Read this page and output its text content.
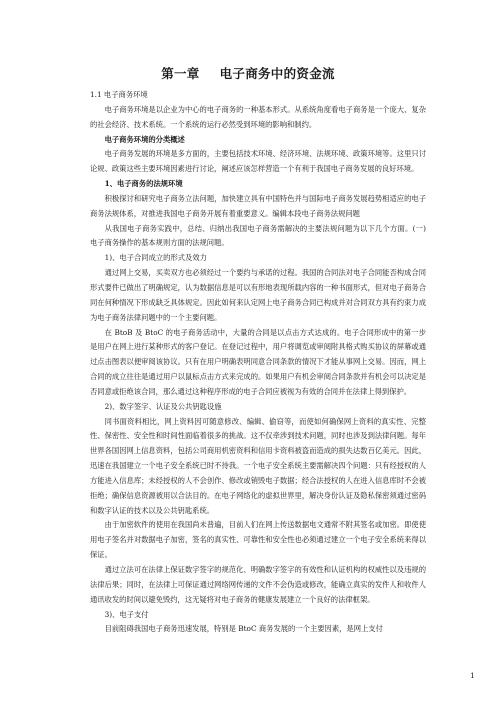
第一章 电子商务中的资金流

1.1 电子商务环境

电子商务环境是以企业为中心的电子商务的一种基本形式。从系统角度看电子商务是一个庞大、复杂的社会经济、技术系统。一个系统的运行必然受到环境的影响和制约。

电子商务环境的分类概述

电子商务发展的环境是多方面的，主要包括技术环境、经济环境、法规环境、政策环境等。这里只讨论规、政策这些主要环境因素进行讨论，阐述应该怎样营造一个有利于我国电子商务发展的良好环境。

1、电子商务的法规环境

积极探讨和研究电子商务立法问题，加快建立具有中国特色并与国际电子商务发展趋势相适应的电子商务法规体系，对推进我国电子商务开展有着重要意义。编辑本段电子商务法规问题

从我国电子商务实践中，总结、归纳出我国电子商务需解决的主要法规问题为以下几个方面。(一) 电子商务操作的基本规则方面的法规问题。

1)、电子合同成立的形式及效力

通过网上交易，买卖双方也必须经过一个要约与承诺的过程。我国的合同法对电子合同能否构成合同形式要件已做出了明确规定，认为数据信息是可以有形地表现所载内容的一种书面形式，但对电子商务合同在何种情况下形成缺乏具体规定。因此如何来认定网上电子商务合同已构成并对合同双方具有约束力成为电子商务法律问题中的一个主要问题。

在 BtoB 及 BtoC 的电子商务活动中，大量的合同是以点击方式达成的。电子合同形成中的第一步是用户在网上进行某种形式的客户登记。在登记过程中，用户将调览或审阅附具格式购买协议的屏幕或通过点击图表以便审阅该协议。只有在用户明确表明同意合同条款的情况下才能从事网上交易。因而，网上合同的成立往往是通过用户以鼠标点击方式来完成的。如果用户有机会审阅合同条款并有机会可以决定是否同意或拒绝该合同，那么通过这种程序形成的电子合同应被视为有效的合同并在法律上得到保护。

2)、数字签字、认证及公共钥匙设施

同书面资料相比，网上资料因可随意修改、编辑、偷窃等，而使如何确保网上资料的真实性、完整性、保密性、安全性和时间性面临着很多的挑战。这不仅牵涉到技术问题，同时也涉及到法律问题。每年世界各国因网上信息资料，包括公司商用机密资料和信用卡资料被盗而造成的损失达数百亿美元。因此，迅速在我国建立一个电子安全系统已时不待我。一个电子安全系统主要需解决四个问题：只有经授权的人方能进入信息库；未经授权的人不会创作、修改或销毁电子数据；经合法授权的人在进入信息库时不会被拒绝；确保信息资源被用以合法目的。在电子网络化的虚拟世界里，解决身份认证及隐私保密须通过密码和数字认证的技术以及公共钥匙系统。

由于加密软件的使用在我国尚未普遍，目前人们在网上传送数据电文通常不附其签名或加密。即使使用电子签名并对数据电子加密，签名的真实性、可靠性和安全性也必须通过建立一个电子安全系统来得以保证。

通过立法可在法律上保证数字签字的规范化、明确数字签字的有效性和认证机构的权威性以及违规的法律后果；同时，在法律上可保证通过网络网传递的文件不会伪造或修改，能确立真实的发件人和收件人通讯收发的时间以避免毁约，这无疑将对电子商务的健康发展建立一个良好的法律框架。

3)、电子支付

目前阻碍我国电子商务迅速发展，特别是 BtoC 商务发展的一个主要因素，是网上支付

1
